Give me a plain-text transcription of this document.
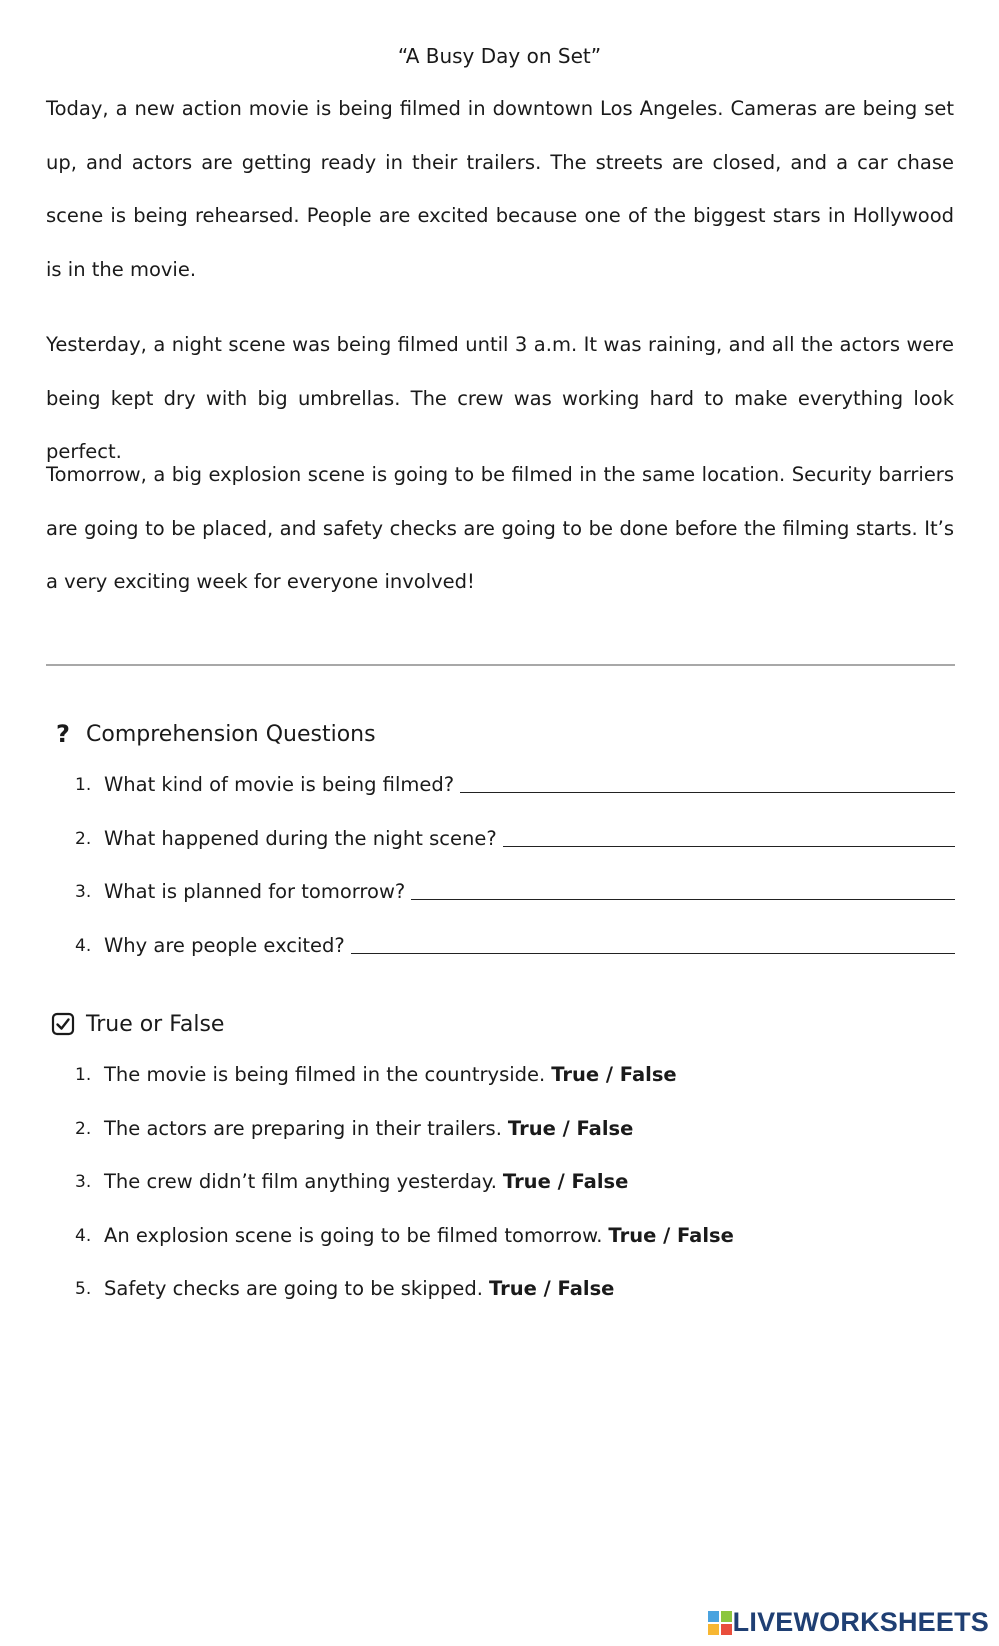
“A Busy Day on Set”

Today, a new action movie is being filmed in downtown Los Angeles. Cameras are being set up, and actors are getting ready in their trailers. The streets are closed, and a car chase scene is being rehearsed. People are excited because one of the biggest stars in Hollywood is in the movie.

Yesterday, a night scene was being filmed until 3 a.m. It was raining, and all the actors were being kept dry with big umbrellas. The crew was working hard to make everything look perfect.

Tomorrow, a big explosion scene is going to be filmed in the same location. Security barriers are going to be placed, and safety checks are going to be done before the filming starts. It’s a very exciting week for everyone involved!

? Comprehension Questions
1. What kind of movie is being filmed?
2. What happened during the night scene?
3. What is planned for tomorrow?
4. Why are people excited?
True or False
1. The movie is being filmed in the countryside. True / False
2. The actors are preparing in their trailers. True / False
3. The crew didn’t film anything yesterday. True / False
4. An explosion scene is going to be filmed tomorrow. True / False
5. Safety checks are going to be skipped. True / False
LIVEWORKSHEETS
